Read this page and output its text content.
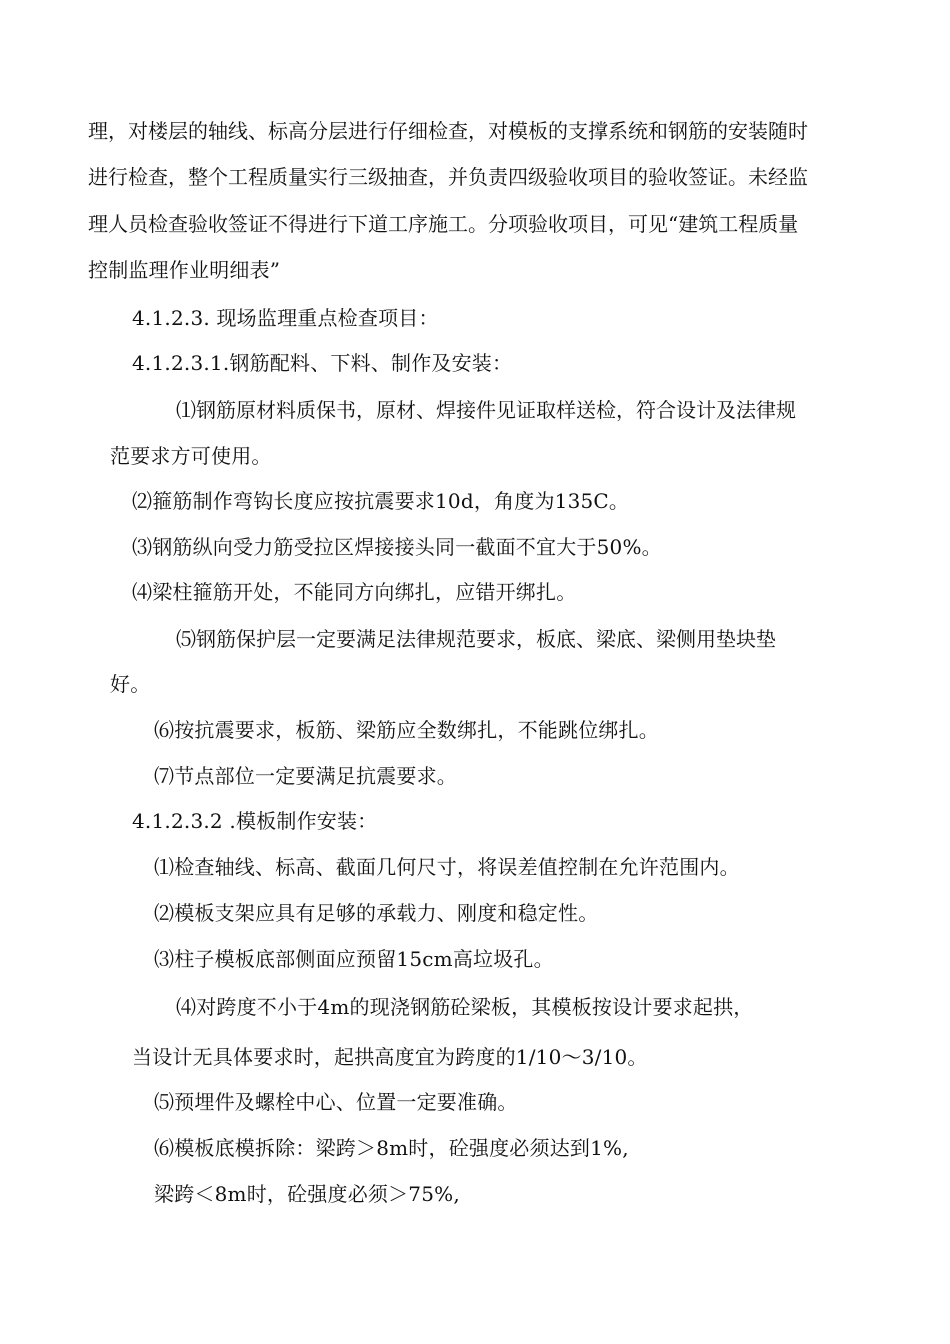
理，对楼层的轴线、标高分层进行仔细检查，对模板的支撑系统和钢筋的安装随时
进行检查，整个工程质量实行三级抽查，并负责四级验收项目的验收签证。未经监
理人员检查验收签证不得进行下道工序施工。分项验收项目，可见“建筑工程质量
控制监理作业明细表”
4.1.2.3. 现场监理重点检查项目：
4.1.2.3.1.钢筋配料、下料、制作及安装：
⑴钢筋原材料质保书，原材、焊接件见证取样送检，符合设计及法律规
范要求方可使用。
⑵箍筋制作弯钩长度应按抗震要求10d，角度为135C。
⑶钢筋纵向受力筋受拉区焊接接头同一截面不宜大于50%。
⑷梁柱箍筋开处，不能同方向绑扎，应错开绑扎。
⑸钢筋保护层一定要满足法律规范要求，板底、梁底、梁侧用垫块垫
好。
⑹按抗震要求，板筋、梁筋应全数绑扎，不能跳位绑扎。
⑺节点部位一定要满足抗震要求。
4.1.2.3.2 .模板制作安装：
⑴检查轴线、标高、截面几何尺寸，将误差值控制在允许范围内。
⑵模板支架应具有足够的承载力、刚度和稳定性。
⑶柱子模板底部侧面应预留15cm高垃圾孔。
⑷对跨度不小于4m的现浇钢筋砼梁板，其模板按设计要求起拱，
当设计无具体要求时，起拱高度宜为跨度的1/10〜3/10。
⑸预埋件及螺栓中心、位置一定要准确。
⑹模板底模拆除：梁跨＞8m时，砼强度必须达到1%,
梁跨＜8m时，砼强度必须＞75%,
